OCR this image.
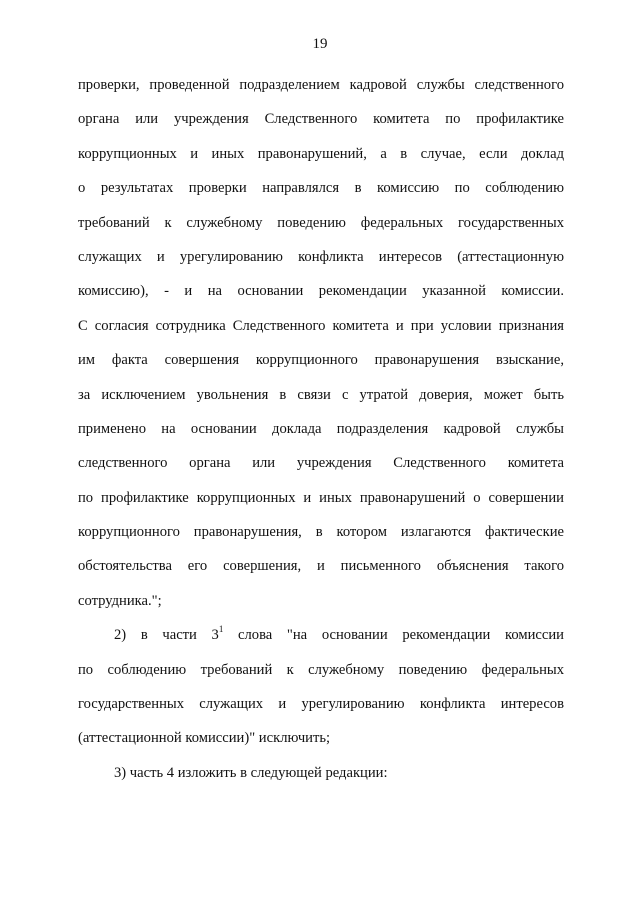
19
проверки, проведенной подразделением кадровой службы следственного
органа или учреждения Следственного комитета по профилактике
коррупционных и иных правонарушений, а в случае, если доклад
о результатах проверки направлялся в комиссию по соблюдению
требований к служебному поведению федеральных государственных
служащих и урегулированию конфликта интересов (аттестационную
комиссию), - и на основании рекомендации указанной комиссии.
С согласия сотрудника Следственного комитета и при условии признания
им факта совершения коррупционного правонарушения взыскание,
за исключением увольнения в связи с утратой доверия, может быть
применено на основании доклада подразделения кадровой службы
следственного органа или учреждения Следственного комитета
по профилактике коррупционных и иных правонарушений о совершении
коррупционного правонарушения, в котором излагаются фактические
обстоятельства его совершения, и письменного объяснения такого
сотрудника.";
2) в части $3^1$ слова "на основании рекомендации комиссии
по соблюдению требований к служебному поведению федеральных
государственных служащих и урегулированию конфликта интересов
(аттестационной комиссии)" исключить;
3) часть 4 изложить в следующей редакции:
